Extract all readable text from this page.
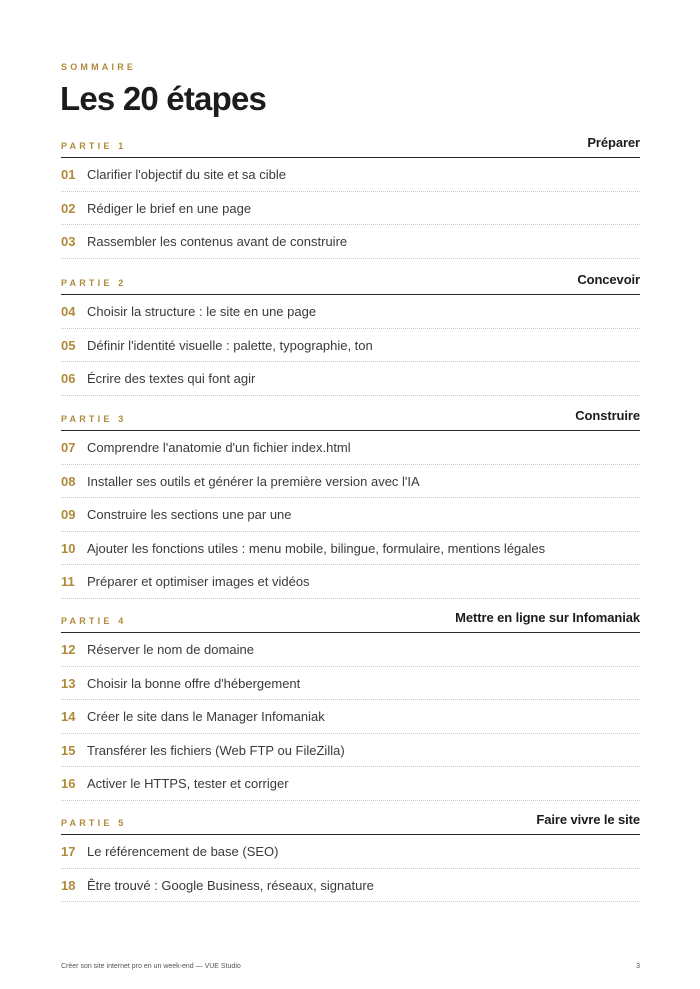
SOMMAIRE
Les 20 étapes
PARTIE 1	Préparer
01 Clarifier l'objectif du site et sa cible
02 Rédiger le brief en une page
03 Rassembler les contenus avant de construire
PARTIE 2	Concevoir
04 Choisir la structure : le site en une page
05 Définir l'identité visuelle : palette, typographie, ton
06 Écrire des textes qui font agir
PARTIE 3	Construire
07 Comprendre l'anatomie d'un fichier index.html
08 Installer ses outils et générer la première version avec l'IA
09 Construire les sections une par une
10 Ajouter les fonctions utiles : menu mobile, bilingue, formulaire, mentions légales
11 Préparer et optimiser images et vidéos
PARTIE 4	Mettre en ligne sur Infomaniak
12 Réserver le nom de domaine
13 Choisir la bonne offre d'hébergement
14 Créer le site dans le Manager Infomaniak
15 Transférer les fichiers (Web FTP ou FileZilla)
16 Activer le HTTPS, tester et corriger
PARTIE 5	Faire vivre le site
17 Le référencement de base (SEO)
18 Être trouvé : Google Business, réseaux, signature
Créer son site internet pro en un week-end — VUE Studio	3
